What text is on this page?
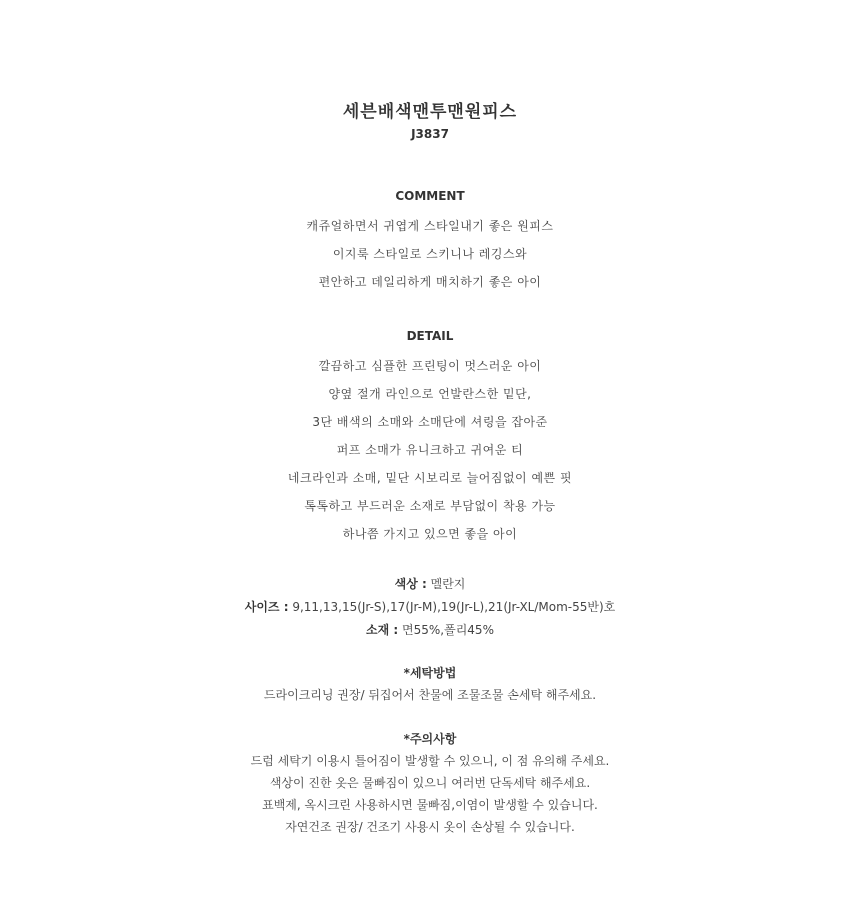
세븐배색맨투맨원피스
J3837
COMMENT
캐쥬얼하면서 귀엽게 스타일내기 좋은 원피스
이지룩 스타일로 스키니나 레깅스와
편안하고 데일리하게 매치하기 좋은 아이
DETAIL
깔끔하고 심플한 프린팅이 멋스러운 아이
양옆 절개 라인으로 언발란스한 밑단,
3단 배색의 소매와 소매단에 셔링을 잡아준
퍼프 소매가 유니크하고 귀여운 티
네크라인과 소매, 밑단 시보리로 늘어짐없이 예쁜 핏
톡톡하고 부드러운 소재로 부담없이 착용 가능
하나쯤 가지고 있으면 좋을 아이
색상 : 멜란지
사이즈 : 9,11,13,15(Jr-S),17(Jr-M),19(Jr-L),21(Jr-XL/Mom-55반)호
소재 : 면55%,폴리45%
*세탁방법
드라이크리닝 권장/ 뒤집어서 찬물에 조물조물 손세탁 해주세요.
*주의사항
드럼 세탁기 이용시 틀어짐이 발생할 수 있으니, 이 점 유의해 주세요.
색상이 진한 옷은 물빠짐이 있으니 여러번 단독세탁 해주세요.
표백제, 옥시크린 사용하시면 물빠짐,이염이 발생할 수 있습니다.
자연건조 권장/ 건조기 사용시 옷이 손상될 수 있습니다.
